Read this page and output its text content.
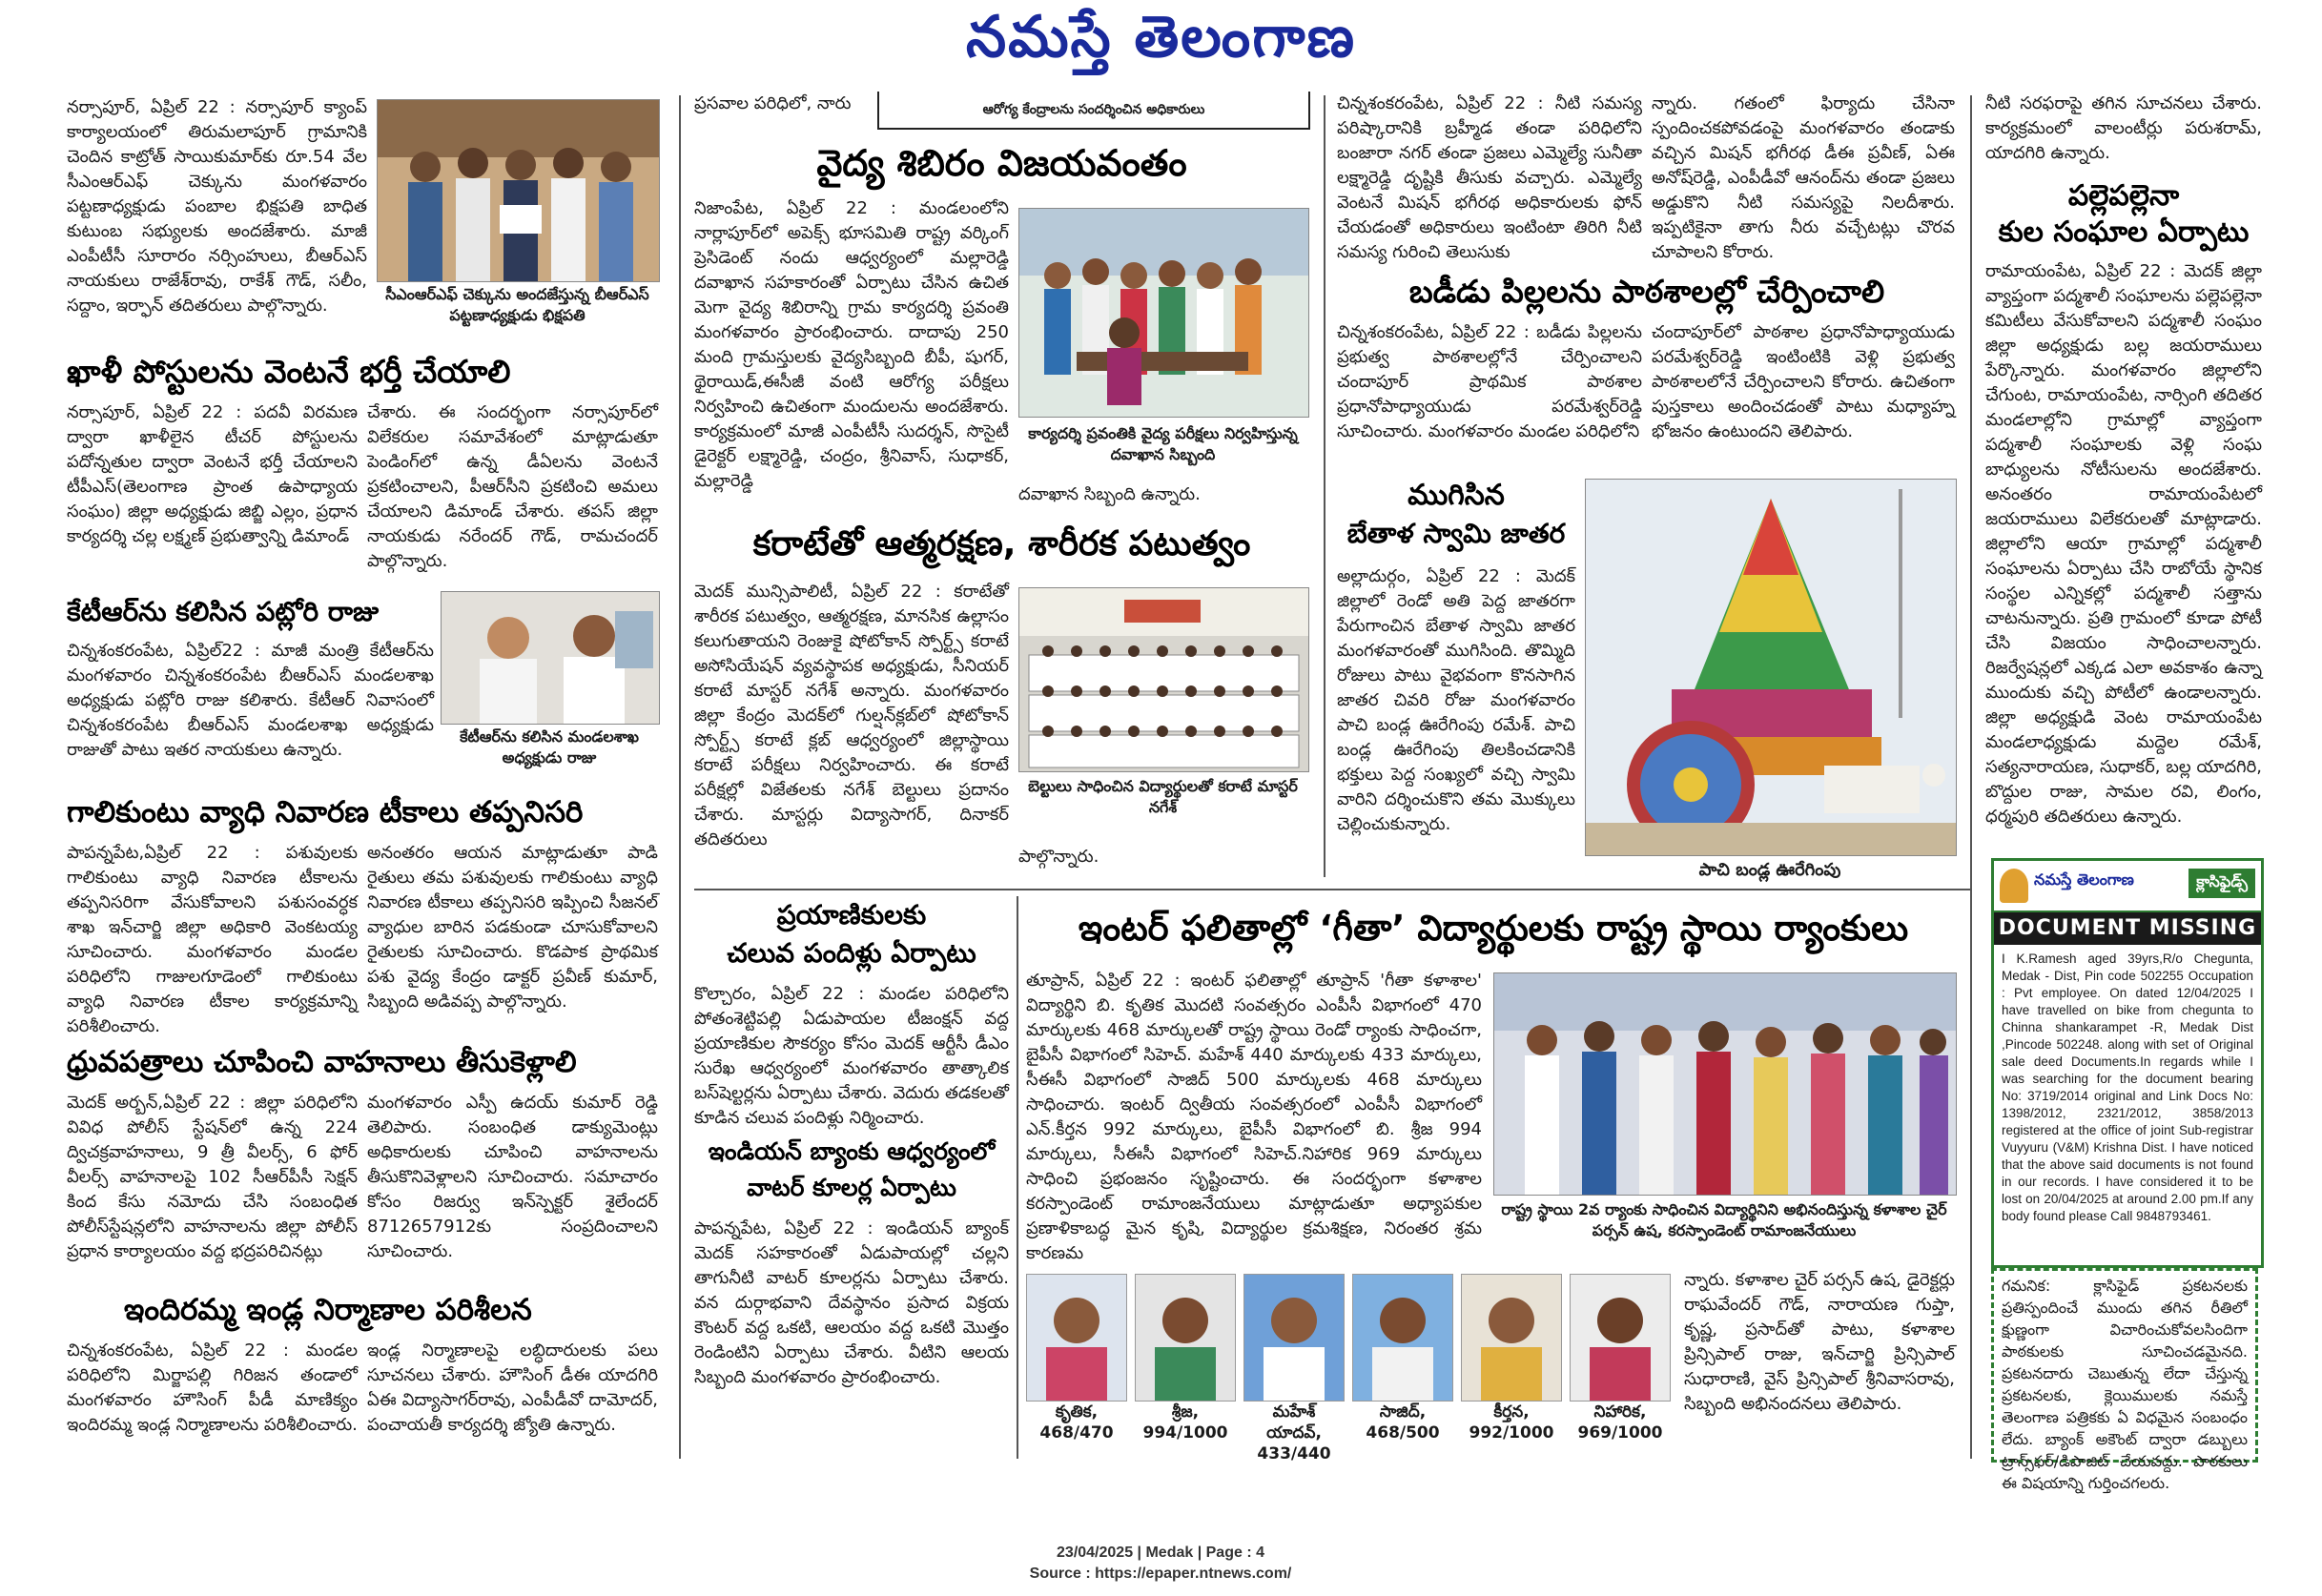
నమస్తే తెలంగాణ
నర్సాపూర్, ఏప్రిల్ 22 : నర్సాపూర్ క్యాంప్ కార్యాలయంలో తిరుమలాపూర్ గ్రామానికి చెందిన కాట్రోత్ సాయికుమార్‌కు రూ.54 వేల సీఎంఆర్ఎఫ్ చెక్కును మంగళవారం పట్టణాధ్యక్షుడు పంబాల భిక్షపతి బాధిత కుటుంబ సభ్యులకు అందజేశారు. మాజీ ఎంపీటీసీ సూరారం నర్సింహులు, బీఆర్ఎస్ నాయకులు రాజేశ్‌రావు, రాకేశ్ గౌడ్, సలీం, సద్దాం, ఇర్ఫాన్ తదితరులు పాల్గొన్నారు.
సీఎంఆర్ఎఫ్ చెక్కును అందజేస్తున్న బీఆర్ఎస్ పట్టణాధ్యక్షుడు భిక్షపతి
ఖాళీ పోస్టులను వెంటనే భర్తీ చేయాలి
నర్సాపూర్, ఏప్రిల్ 22 : పదవీ విరమణ ద్వారా ఖాళీలైన టీచర్ పోస్టులను పదోన్నతుల ద్వారా వెంటనే భర్తీ చేయాలని టీపీఎస్(తెలంగాణ ప్రాంత ఉపాధ్యాయ సంఘం) జిల్లా అధ్యక్షుడు జిబ్జి ఎల్లం, ప్రధాన కార్యదర్శి చల్ల లక్ష్మణ్ ప్రభుత్వాన్ని డిమాండ్
చేశారు. ఈ సందర్భంగా నర్సాపూర్‌లో విలేకరుల సమావేశంలో మాట్లాడుతూ పెండింగ్‌లో ఉన్న డీఏలను వెంటనే ప్రకటించాలని, పీఆర్‌సీని ప్రకటించి అమలు చేయాలని డిమాండ్ చేశారు. తపస్ జిల్లా నాయకుడు నరేందర్ గౌడ్, రామచందర్ పాల్గొన్నారు.
కేటీఆర్‌ను కలిసిన పట్లోరి రాజు
చిన్నశంకరంపేట, ఏప్రిల్22 : మాజీ మంత్రి కేటీఆర్‌ను మంగళవారం చిన్నశంకరంపేట బీఆర్ఎస్ మండలశాఖ అధ్యక్షుడు పట్లోరి రాజు కలిశారు. కేటీఆర్ నివాసంలో చిన్నశంకరంపేట బీఆర్ఎస్ మండలశాఖ అధ్యక్షుడు రాజుతో పాటు ఇతర నాయకులు ఉన్నారు.
కేటీఆర్‌ను కలిసిన మండలశాఖ అధ్యక్షుడు రాజు
గాలికుంటు వ్యాధి నివారణ టీకాలు తప్పనిసరి
పాపన్నపేట,ఏప్రిల్ 22 : పశువులకు గాలికుంటు వ్యాధి నివారణ టీకాలను తప్పనిసరిగా వేసుకోవాలని పశుసంవర్ధక శాఖ ఇన్‌చార్జి జిల్లా అధికారి వెంకటయ్య సూచించారు. మంగళవారం మండల పరిధిలోని గాజులగూడెంలో గాలికుంటు వ్యాధి నివారణ టీకాల కార్యక్రమాన్ని పరిశీలించారు.
అనంతరం ఆయన మాట్లాడుతూ పాడి రైతులు తమ పశువులకు గాలికుంటు వ్యాధి నివారణ టీకాలు తప్పనిసరి ఇప్పించి సీజనల్ వ్యాధుల బారిన పడకుండా చూసుకోవాలని రైతులకు సూచించారు. కొడపాక ప్రాథమిక పశు వైద్య కేంద్రం డాక్టర్ ప్రవీణ్ కుమార్, సిబ్బంది అడివప్ప పాల్గొన్నారు.
ధ్రువపత్రాలు చూపించి వాహనాలు తీసుకెళ్లాలి
మెదక్ అర్బన్,ఏప్రిల్ 22 : జిల్లా పరిధిలోని వివిధ పోలీస్ స్టేషన్‌లో ఉన్న 224 ద్విచక్రవాహనాలు, 9 త్రీ వీలర్స్, 6 ఫోర్ వీలర్స్ వాహనాలపై 102 సీఆర్‌పీసీ సెక్షన్ కింద కేసు నమోదు చేసి సంబంధిత పోలీస్‌స్టేషన్లలోని వాహనాలను జిల్లా పోలీస్ ప్రధాన కార్యాలయం వద్ద భద్రపరిచినట్లు
మంగళవారం ఎస్పీ ఉదయ్ కుమార్ రెడ్డి తెలిపారు. సంబంధిత డాక్యుమెంట్లు అధికారులకు చూపించి వాహనాలను తీసుకొనివెళ్లాలని సూచించారు. సమాచారం కోసం రిజర్వు ఇన్‌స్పెక్టర్ శైలేందర్ 8712657912కు సంప్రదించాలని సూచించారు.
ఇందిరమ్మ ఇండ్ల నిర్మాణాల పరిశీలన
చిన్నశంకరంపేట, ఏప్రిల్ 22 : మండల పరిధిలోని మిర్జాపల్లి గిరిజన తండాలో మంగళవారం హౌసింగ్ పీడీ మాణిక్యం ఇందిరమ్మ ఇండ్ల నిర్మాణాలను పరిశీలించారు.
ఇండ్ల నిర్మాణాలపై లబ్ధిదారులకు పలు సూచనలు చేశారు. హౌసింగ్ డీఈ యాదగిరి ఏఈ విద్యాసాగర్‌రావు, ఎంపీడీవో దామోదర్, పంచాయతీ కార్యదర్శి జ్యోతి ఉన్నారు.
ప్రసవాల పరిధిలో, నారు	ఆరోగ్య కేంద్రాలను సందర్శించిన అధికారులు
వైద్య శిబిరం విజయవంతం
నిజాంపేట, ఏప్రిల్ 22 : మండలంలోని నార్లాపూర్‌లో అపెక్స్ భూసమితి రాష్ట్ర వర్కింగ్ ప్రెసిడెంట్ నందు ఆధ్వర్యంలో మల్లారెడ్డి దవాఖాన సహకారంతో ఏర్పాటు చేసిన ఉచిత మెగా వైద్య శిబిరాన్ని గ్రామ కార్యదర్శి ప్రవంతి మంగళవారం ప్రారంభించారు. దాదాపు 250 మంది గ్రామస్తులకు వైద్యసిబ్బంది బీపీ, షుగర్, థైరాయిడ్,ఈసీజీ వంటి ఆరోగ్య పరీక్షలు నిర్వహించి ఉచితంగా మందులను అందజేశారు. కార్యక్రమంలో మాజీ ఎంపీటీసీ సుదర్శన్, సొసైటీ డైరెక్టర్ లక్ష్మారెడ్డి, చంద్రం, శ్రీనివాస్, సుధాకర్, మల్లారెడ్డి
కార్యదర్శి ప్రవంతికి వైద్య పరీక్షలు నిర్వహిస్తున్న దవాఖాన సిబ్బంది
దవాఖాన సిబ్బంది ఉన్నారు.
కరాటేతో ఆత్మరక్షణ, శారీరక పటుత్వం
మెదక్ మున్సిపాలిటీ, ఏప్రిల్ 22 : కరాటేతో శారీరక పటుత్వం, ఆత్మరక్షణ, మానసిక ఉల్లాసం కలుగుతాయని రెంజుకై షోటోకాన్ స్పోర్ట్స్ కరాటే అసోసియేషన్ వ్యవస్థాపక అధ్యక్షుడు, సీనియర్ కరాటే మాస్టర్ నగేశ్ అన్నారు. మంగళవారం జిల్లా కేంద్రం మెదక్‌లో గుల్షన్‌క్లబ్‌లో షోటోకాన్ స్పోర్ట్స్ కరాటే క్లబ్ ఆధ్వర్యంలో జిల్లాస్థాయి కరాటే పరీక్షలు నిర్వహించారు. ఈ కరాటే పరీక్షల్లో విజేతలకు నగేశ్ బెల్టులు ప్రదానం చేశారు. మాస్టర్లు విద్యాసాగర్, దినాకర్ తదితరులు
బెల్టులు సాధించిన విద్యార్థులతో కరాటే మాస్టర్ నగేశ్
పాల్గొన్నారు.
చిన్నశంకరంపేట, ఏప్రిల్ 22 : నీటి సమస్య పరిష్కారానికి బ్రహ్మీడ తండా పరిధిలోని బంజారా నగర్ తండా ప్రజలు ఎమ్మెల్యే సునీతా లక్ష్మారెడ్డి దృష్టికి తీసుకు వచ్చారు. ఎమ్మెల్యే వెంటనే మిషన్ భగీరథ అధికారులకు ఫోన్ చేయడంతో అధికారులు ఇంటింటా తిరిగి నీటి సమస్య గురించి తెలుసుకు
న్నారు. గతంలో ఫిర్యాదు చేసినా స్పందించకపోవడంపై మంగళవారం తండాకు వచ్చిన మిషన్ భగీరథ డీఈ ప్రవీణ్, ఏఈ అనోష్‌రెడ్డి, ఎంపీడీవో ఆనంద్‌ను తండా ప్రజలు అడ్డుకొని నీటి సమస్యపై నిలదీశారు. ఇప్పటికైనా తాగు నీరు వచ్చేటట్లు చొరవ చూపాలని కోరారు.
బడీడు పిల్లలను పాఠశాలల్లో చేర్పించాలి
చిన్నశంకరంపేట, ఏప్రిల్ 22 : బడీడు పిల్లలను ప్రభుత్వ పాఠశాలల్లోనే చేర్పించాలని చందాపూర్ ప్రాథమిక పాఠశాల ప్రధానోపాధ్యాయుడు పరమేశ్వర్‌రెడ్డి సూచించారు. మంగళవారం మండల పరిధిలోని
చందాపూర్‌లో పాఠశాల ప్రధానోపాధ్యాయుడు పరమేశ్వర్‌రెడ్డి ఇంటింటికి వెళ్లి ప్రభుత్వ పాఠశాలలోనే చేర్పించాలని కోరారు. ఉచితంగా పుస్తకాలు అందించడంతో పాటు మధ్యాహ్న భోజనం ఉంటుందని తెలిపారు.
ముగిసిన
బేతాళ స్వామి జాతర
అల్లాదుర్గం, ఏప్రిల్ 22 : మెదక్ జిల్లాలో రెండో అతి పెద్ద జాతరగా పేరుగాంచిన బేతాళ స్వామి జాతర మంగళవారంతో ముగిసింది. తొమ్మిది రోజులు పాటు వైభవంగా కొనసాగిన జాతర చివరి రోజు మంగళవారం పాచి బండ్ల ఊరేగింపు రమేశ్. పాచి బండ్ల ఊరేగింపు తిలకించడానికి భక్తులు పెద్ద సంఖ్యలో వచ్చి స్వామి వారిని దర్శించుకొని తమ మొక్కులు చెల్లించుకున్నారు.
పాచి బండ్ల ఊరేగింపు
నీటి సరఫరాపై తగిన సూచనలు చేశారు. కార్యక్రమంలో వాలంటీర్లు పరుశరామ్, యాదగిరి ఉన్నారు.
పల్లెపల్లెనా
కుల సంఘాల ఏర్పాటు
రామాయంపేట, ఏప్రిల్ 22 : మెదక్ జిల్లా వ్యాప్తంగా పద్మశాలీ సంఘాలను పల్లెపల్లెనా కమిటీలు వేసుకోవాలని పద్మశాలీ సంఘం జిల్లా అధ్యక్షుడు బల్ల జయరాములు పేర్కొన్నారు. మంగళవారం జిల్లాలోని చేగుంట, రామాయంపేట, నార్సింగి తదితర మండలాల్లోని గ్రామాల్లో వ్యాప్తంగా పద్మశాలీ సంఘాలకు వెళ్లి సంఘ బాధ్యులను నోటీసులను అందజేశారు. అనంతరం రామాయంపేటలో జయరాములు విలేకరులతో మాట్లాడారు. జిల్లాలోని ఆయా గ్రామాల్లో పద్మశాలీ సంఘాలను ఏర్పాటు చేసి రాబోయే స్థానిక సంస్థల ఎన్నికల్లో పద్మశాలీ సత్తాను చాటనున్నారు. ప్రతి గ్రామంలో కూడా పోటీ చేసి విజయం సాధించాలన్నారు. రిజర్వేషన్లలో ఎక్కడ ఎలా అవకాశం ఉన్నా ముందుకు వచ్చి పోటీలో ఉండాలన్నారు. జిల్లా అధ్యక్షుడి వెంట రామాయంపేట మండలాధ్యక్షుడు మద్దెల రమేశ్, సత్యనారాయణ, సుధాకర్, బల్ల యాదగిరి, బొద్దుల రాజు, సామల రవి, లింగం, ధర్మపురి తదితరులు ఉన్నారు.
నమస్తే తెలంగాణ	క్లాసిఫైడ్స్
DOCUMENT MISSING
I K.Ramesh aged 39yrs,R/o Chegunta, Medak - Dist, Pin code 502255 Occupation : Pvt employee. On dated 12/04/2025 I have travelled on bike from chegunta to Chinna shankarampet -R, Medak Dist ,Pincode 502248. along with set of Original sale deed Documents.In regards while I was searching for the document bearing No: 3719/2014 original and Link Docs No: 1398/2012, 2321/2012, 3858/2013 registered at the office of joint Sub-registrar Vuyyuru (V&M) Krishna Dist. I have noticed that the above said documents is not found in our records. I have considered it to be lost on 20/04/2025 at around 2.00 pm.If any body found please Call 9848793461.
గమనిక: క్లాసిఫైడ్ ప్రకటనలకు ప్రతిస్పందించే ముందు తగిన రీతిలో క్షుణ్ణంగా విచారించుకోవలసిందిగా పాఠకులకు సూచించడమైనది. ప్రకటనదారు చెబుతున్న లేదా చేస్తున్న ప్రకటనలకు, క్లెయిములకు నమస్తే తెలంగాణ పత్రికకు ఏ విధమైన సంబంధం లేదు. బ్యాంక్ అకౌంట్ ద్వారా డబ్బులు ట్రాన్స్‌ఫర్/డిపాజిట్ చేయవద్దు. పాఠకులు ఈ విషయాన్ని గుర్తించగలరు.
ప్రయాణికులకు
చలువ పందిళ్లు ఏర్పాటు
కొల్చారం, ఏప్రిల్ 22 : మండల పరిధిలోని పోతంశెట్టిపల్లి ఏడుపాయల టీజంక్షన్ వద్ద ప్రయాణికుల సౌకర్యం కోసం మెదక్ ఆర్టీసీ డీఎం సురేఖ ఆధ్వర్యంలో మంగళవారం తాత్కాలిక బస్‌షెల్టర్లను ఏర్పాటు చేశారు. వెదురు తడకలతో కూడిన చలువ పందిళ్లు నిర్మించారు.
ఇండియన్ బ్యాంకు ఆధ్వర్యంలో
వాటర్ కూలర్ల ఏర్పాటు
పాపన్నపేట, ఏప్రిల్ 22 : ఇండియన్ బ్యాంక్ మెదక్ సహకారంతో ఏడుపాయల్లో చల్లని తాగునీటి వాటర్ కూలర్లను ఏర్పాటు చేశారు. వన దుర్గాభవాని దేవస్థానం ప్రసాద విక్రయ కౌంటర్ వద్ద ఒకటి, ఆలయం వద్ద ఒకటి మొత్తం రెండింటిని ఏర్పాటు చేశారు. వీటిని ఆలయ సిబ్బంది మంగళవారం ప్రారంభించారు.
ఇంటర్ ఫలితాల్లో ‘గీతా’ విద్యార్థులకు రాష్ట్ర స్థాయి ర్యాంకులు
తూప్రాన్, ఏప్రిల్ 22 : ఇంటర్ ఫలితాల్లో తూప్రాన్ 'గీతా కళాశాల' విద్యార్థిని బి. కృతిక మొదటి సంవత్సరం ఎంపీసీ విభాగంలో 470 మార్కులకు 468 మార్కులతో రాష్ట్ర స్థాయి రెండో ర్యాంకు సాధించగా, బైపీసీ విభాగంలో సిహెచ్. మహేశ్ 440 మార్కులకు 433 మార్కులు, సీఈసీ విభాగంలో సాజిద్ 500 మార్కులకు 468 మార్కులు సాధించారు. ఇంటర్ ద్వితీయ సంవత్సరంలో ఎంపీసీ విభాగంలో ఎన్.కీర్తన 992 మార్కులు, బైపీసీ విభాగంలో బి. శ్రీజ 994 మార్కులు, సీఈసీ విభాగంలో సిహెచ్.నిహారిక 969 మార్కులు సాధించి ప్రభంజనం సృష్టించారు. ఈ సందర్భంగా కళాశాల కరస్పాండెంట్ రామాంజనేయులు మాట్లాడుతూ అధ్యాపకుల ప్రణాళికాబద్ధ మైన కృషి, విద్యార్థుల క్రమశిక్షణ, నిరంతర శ్రమ కారణమ
రాష్ట్ర స్థాయి 2వ ర్యాంకు సాధించిన విద్యార్థినిని అభినందిస్తున్న కళాశాల చైర్ పర్సన్ ఉష, కరస్పాండెంట్ రామాంజనేయులు
కృతిక,
468/470
శ్రీజ,
994/1000
మహేశ్ యాదవ్,
433/440
సాజిద్,
468/500
కీర్తన,
992/1000
నిహారిక,
969/1000
న్నారు. కళాశాల చైర్ పర్సన్ ఉష, డైరెక్టర్లు రాఘవేందర్ గౌడ్, నారాయణ గుప్తా, కృష్ణ, ప్రసాద్‌తో పాటు, కళాశాల ప్రిన్సిపాల్ రాజు, ఇన్‌చార్జి ప్రిన్సిపాల్ సుధారాణి, వైస్ ప్రిన్సిపాల్ శ్రీనివాసరావు, సిబ్బంది అభినందనలు తెలిపారు.
23/04/2025 | Medak | Page : 4
Source : https://epaper.ntnews.com/
